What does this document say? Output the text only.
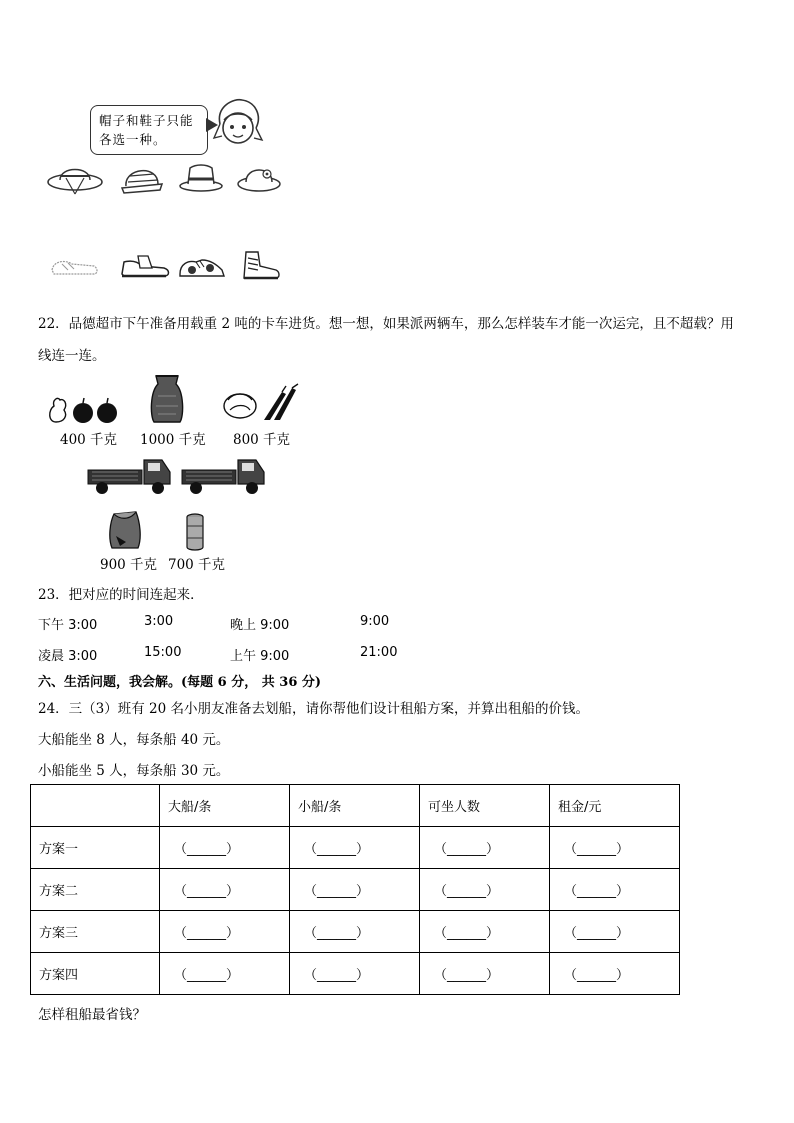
帽子和鞋子只能各选一种。
22．品德超市下午准备用载重 2 吨的卡车进货。想一想，如果派两辆车，那么怎样装车才能一次运完，且不超载？用
线连一连。
400 千克 1000 千克 800 千克
900 千克 700 千克
23．把对应的时间连起来．
下午 3:00	3:00	晚上 9:00	9:00
凌晨 3:00	15:00	上午 9:00	21:00
六、生活问题，我会解。(每题 6 分， 共 36 分)
24．三（3）班有 20 名小朋友准备去划船，请你帮他们设计租船方案，并算出租船的价钱。
大船能坐 8 人，每条船 40 元。
小船能坐 5 人，每条船 30 元。
	大船/条	小船/条	可坐人数	租金/元
方案一	（______）	（______）	（______）	（______）
方案二	（______）	（______）	（______）	（______）
方案三	（______）	（______）	（______）	（______）
方案四	（______）	（______）	（______）	（______）
怎样租船最省钱？
